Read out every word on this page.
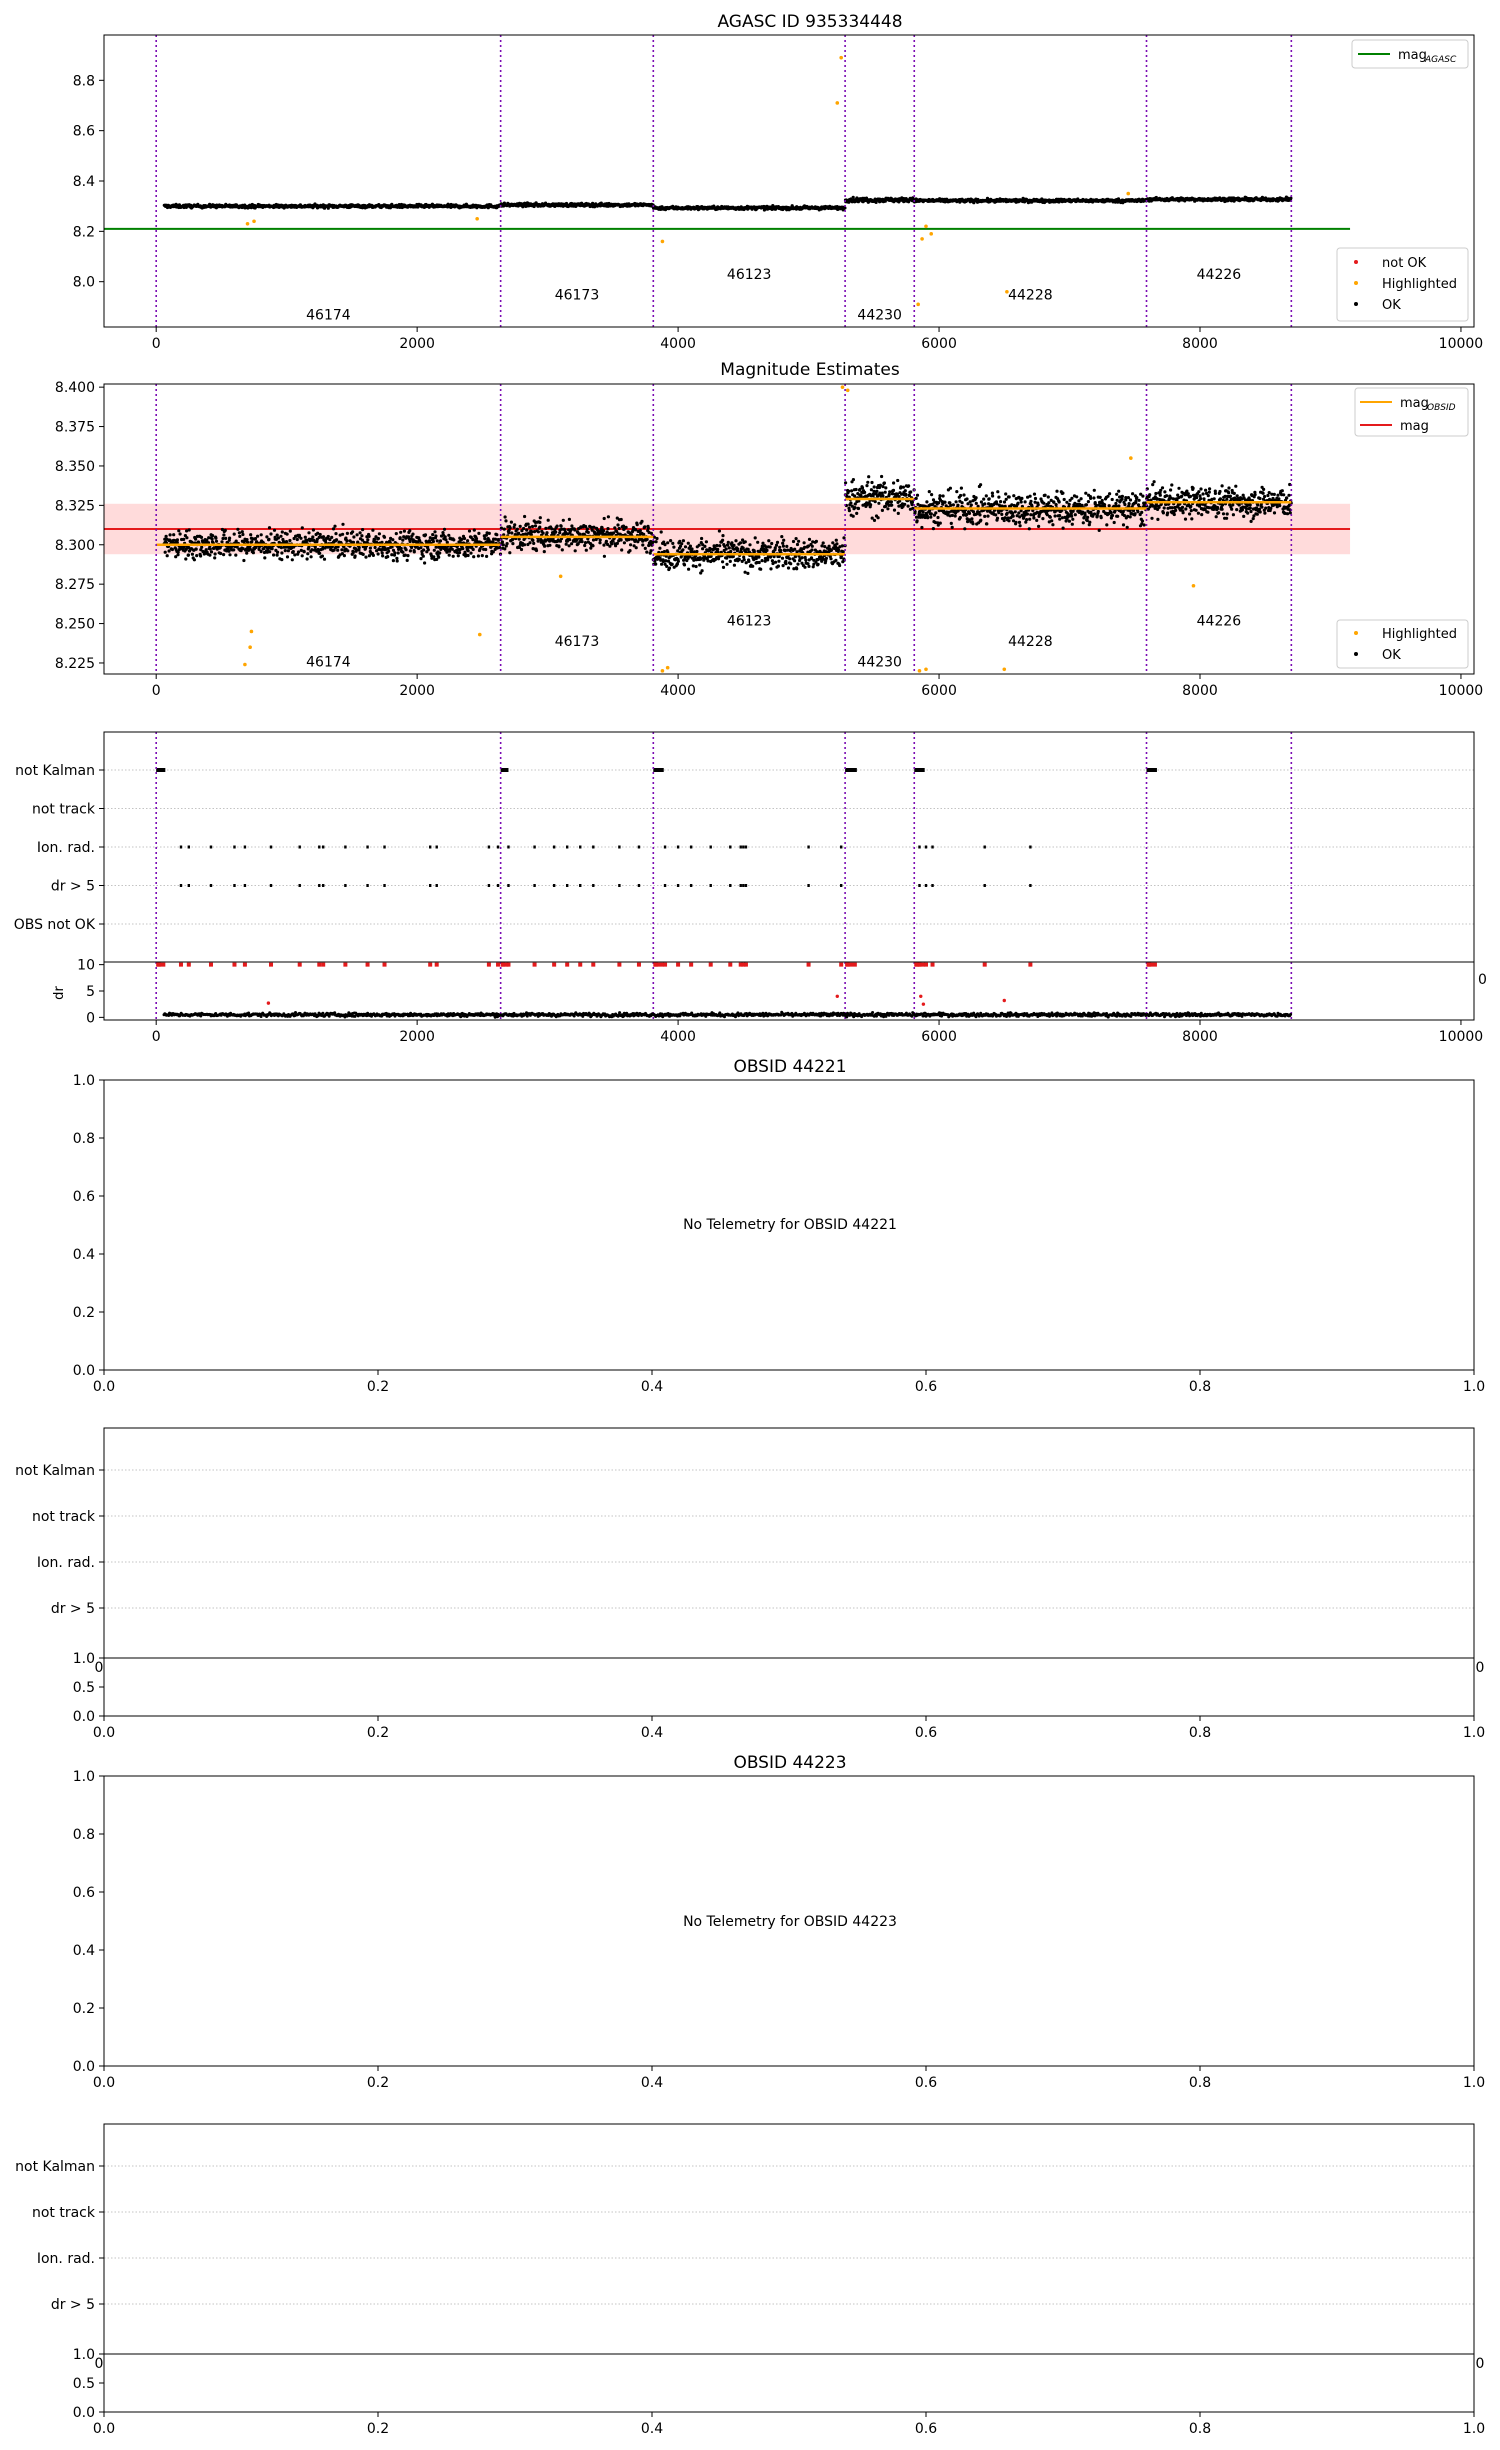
AGASC ID 935334448
46174
46173
46123
44230
44228
44226
0	2000	4000	6000	8000	10000
8.0
8.2
8.4
8.6
8.8
mag
AGASC
not OK
Highlighted
OK
Magnitude Estimates
46174
46173
46123
44230
44228
44226
0	2000	4000	6000	8000	10000
8.225
8.250
8.275
8.300
8.325
8.350
8.375
8.400
mag
OBSID
mag
Highlighted
OK
not Kalman
not track
Ion. rad.
dr > 5
OBS not OK
0
5
10
0	2000	4000	6000	8000	10000
dr
0
OBSID 44221
No Telemetry for OBSID 44221
0.0	0.2	0.4	0.6	0.8	1.0
0.0
0.2
0.4
0.6
0.8
1.0
not Kalman
not track
Ion. rad.
dr > 5
0	0
0.0
0.5
1.0
0.0	0.2	0.4	0.6	0.8	1.0
OBSID 44223
No Telemetry for OBSID 44223
0.0	0.2	0.4	0.6	0.8	1.0
0.0
0.2
0.4
0.6
0.8
1.0
not Kalman
not track
Ion. rad.
dr > 5
0	0
0.0
0.5
1.0
0.0	0.2	0.4	0.6	0.8	1.0
